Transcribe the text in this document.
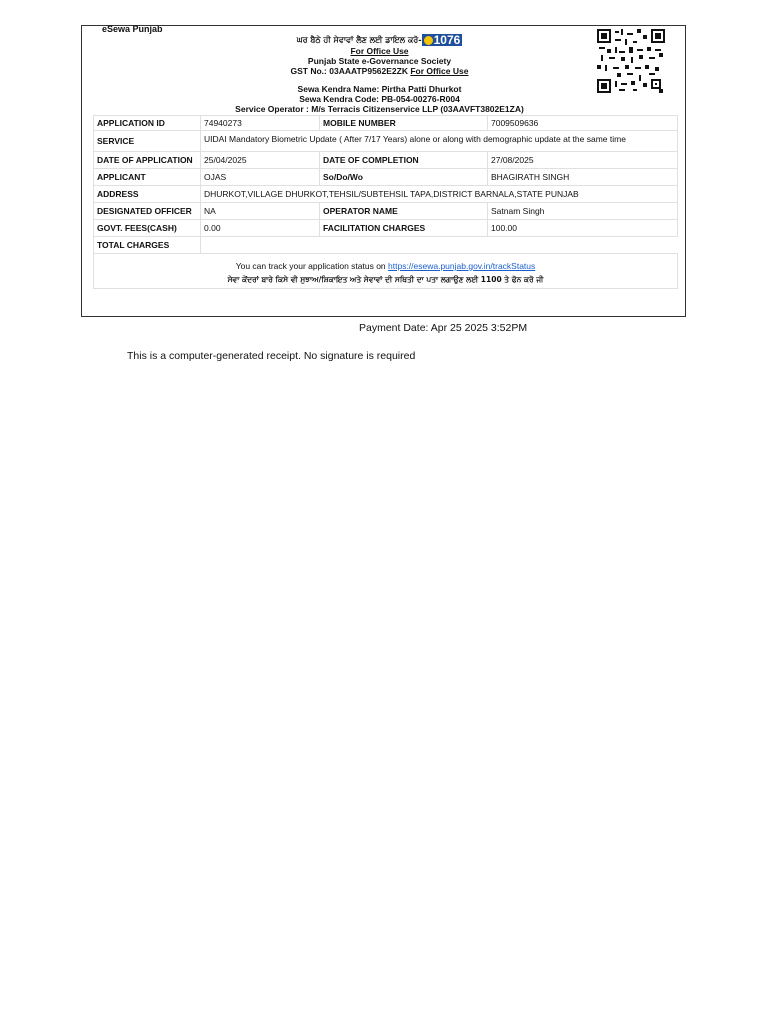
eSewa Punjab
ਘਰ ਬੈਠੇ ਹੀ ਸੇਵਾਵਾਂ ਲੈਣ ਲਈ ਡਾਇਲ ਕਰੋ- 1076
For Office Use
Punjab State e-Governance Society
GST No.: 03AAATP9562E2ZK For Office Use
Sewa Kendra Name: Pirtha Patti Dhurkot
Sewa Kendra Code: PB-054-00276-R004
Service Operator : M/s Terracis Citizenservice LLP (03AAVFT3802E1ZA)
APPLICATION ID	74940273	MOBILE NUMBER	7009509636
SERVICE	UIDAI Mandatory Biometric Update ( After 7/17 Years) alone or along with demographic update at the same time		
DATE OF APPLICATION	25/04/2025	DATE OF COMPLETION	27/08/2025
APPLICANT	OJAS	So/Do/Wo	BHAGIRATH SINGH
ADDRESS	DHURKOT,VILLAGE DHURKOT,TEHSIL/SUBTEHSIL TAPA,DISTRICT BARNALA,STATE PUNJAB		
DESIGNATED OFFICER	NA	OPERATOR NAME	Satnam Singh
GOVT. FEES(CASH)	0.00	FACILITATION CHARGES	100.00
TOTAL CHARGES			

You can track your application status on https://esewa.punjab.gov.in/trackStatus
ਸੇਵਾ ਕੇਂਦਰਾਂ ਬਾਰੇ ਕਿਸੇ ਵੀ ਸੁਝਾਅ/ਸ਼ਿਕਾਇਤ ਅਤੇ ਸੇਵਾਵਾਂ ਦੀ ਸਥਿਤੀ ਦਾ ਪਤਾ ਲਗਾਉਣ ਲਈ 1100 ਤੇ ਫੋਨ ਕਰੋ ਜੀ			
Payment Date: Apr 25 2025 3:52PM
This is a computer-generated receipt. No signature is required
